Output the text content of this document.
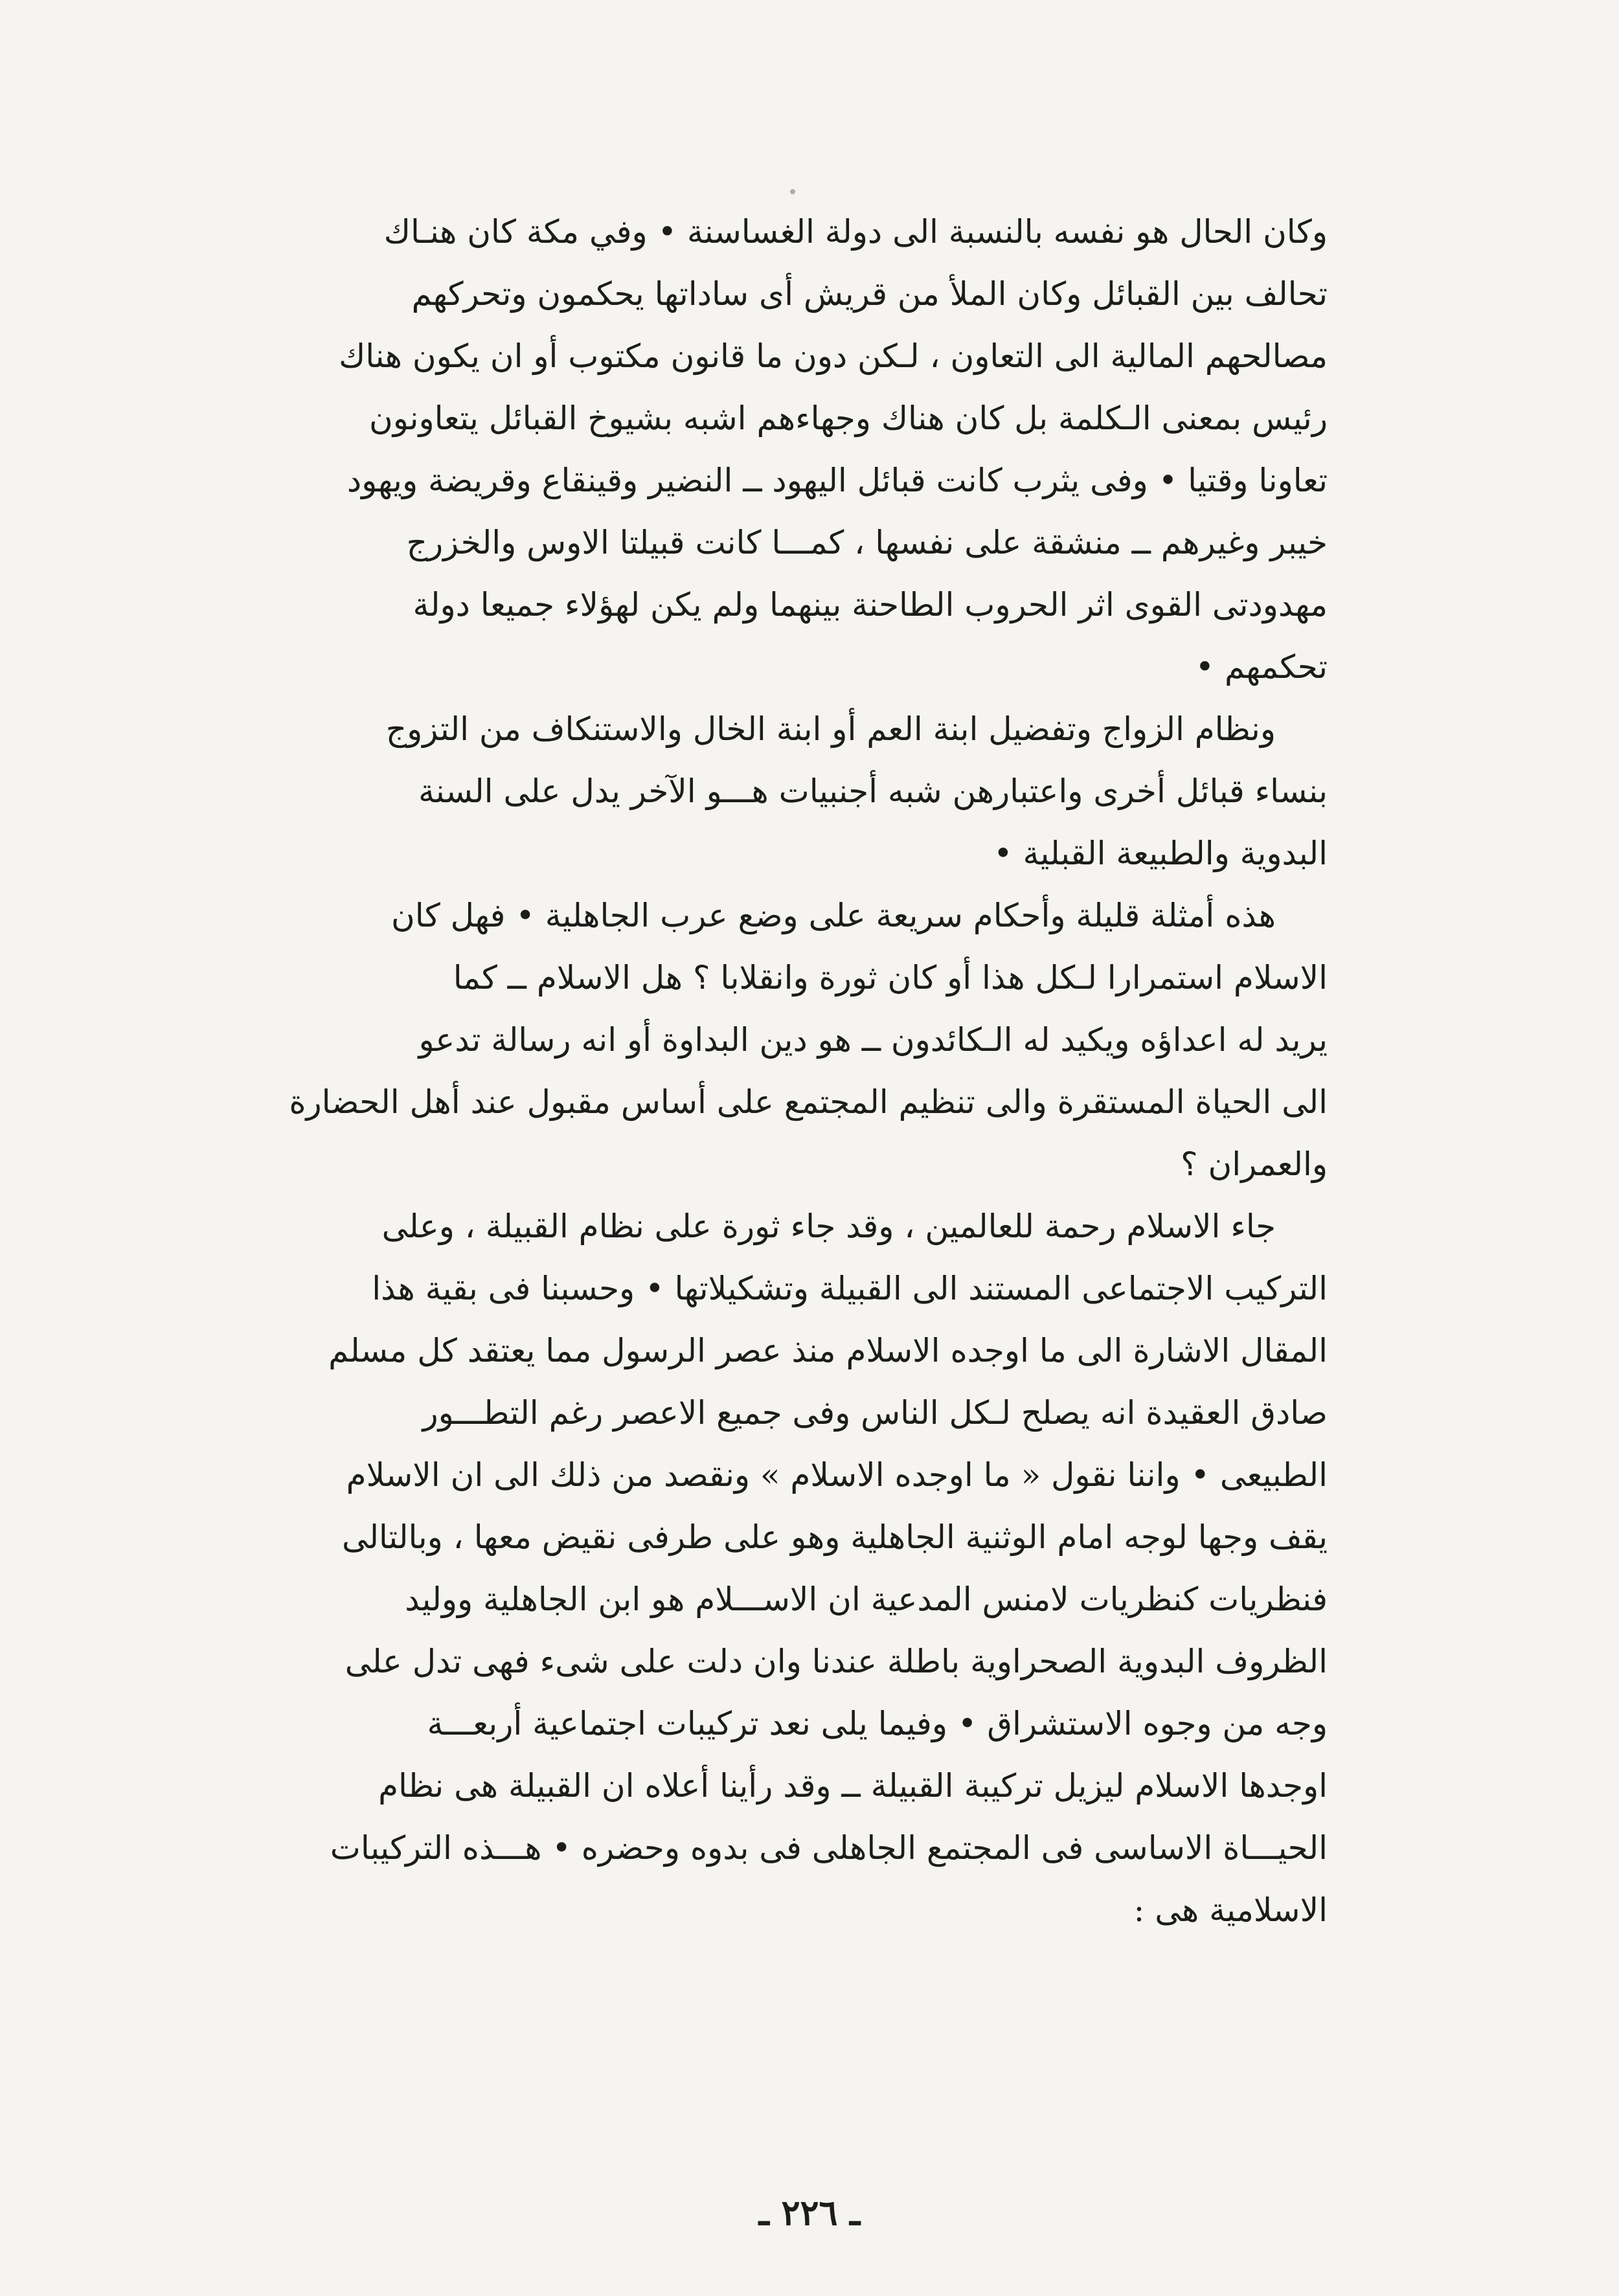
وكان الحال هو نفسه بالنسبة الى دولة الغساسنة • وفي مكة كان هنـاك
تحالف بين القبائل وكان الملأ من قريش أى ساداتها يحكمون وتحركهم
مصالحهم المالية الى التعاون ، لـكن دون ما قانون مكتوب أو ان يكون هناك
رئيس بمعنى الـكلمة بل كان هناك وجهاءهم اشبه بشيوخ القبائل يتعاونون
تعاونا وقتيا • وفى يثرب كانت قبائل اليهود ــ النضير وقينقاع وقريضة ويهود
خيبر وغيرهم ــ منشقة على نفسها ، كمـــا كانت قبيلتا الاوس والخزرج
مهدودتى القوى اثر الحروب الطاحنة بينهما ولم يكن لهؤلاء جميعا دولة
تحكمهم •
ونظام الزواج وتفضيل ابنة العم أو ابنة الخال والاستنكاف من التزوج
بنساء قبائل أخرى واعتبارهن شبه أجنبيات هـــو الآخر يدل على السنة
البدوية والطبيعة القبلية •
هذه أمثلة قليلة وأحكام سريعة على وضع عرب الجاهلية • فهل كان
الاسلام استمرارا لـكل هذا أو كان ثورة وانقلابا ؟ هل الاسلام ــ كما
يريد له اعداؤه ويكيد له الـكائدون ــ هو دين البداوة أو انه رسالة تدعو
الى الحياة المستقرة والى تنظيم المجتمع على أساس مقبول عند أهل الحضارة
والعمران ؟
جاء الاسلام رحمة للعالمين ، وقد جاء ثورة على نظام القبيلة ، وعلى
التركيب الاجتماعى المستند الى القبيلة وتشكيلاتها • وحسبنا فى بقية هذا
المقال الاشارة الى ما اوجده الاسلام منذ عصر الرسول مما يعتقد كل مسلم
صادق العقيدة انه يصلح لـكل الناس وفى جميع الاعصر رغم التطـــور
الطبيعى • واننا نقول « ما اوجده الاسلام » ونقصد من ذلك الى ان الاسلام
يقف وجها لوجه امام الوثنية الجاهلية وهو على طرفى نقيض معها ، وبالتالى
فنظريات كنظريات لامنس المدعية ان الاســـلام هو ابن الجاهلية ووليد
الظروف البدوية الصحراوية باطلة عندنا وان دلت على شىء فهى تدل على
وجه من وجوه الاستشراق • وفيما يلى نعد تركيبات اجتماعية أربعـــة
اوجدها الاسلام ليزيل تركيبة القبيلة ــ وقد رأينا أعلاه ان القبيلة هى نظام
الحيـــاة الاساسى فى المجتمع الجاهلى فى بدوه وحضره • هـــذه التركيبات
الاسلامية هى :
ـ ٢٢٦ ـ
